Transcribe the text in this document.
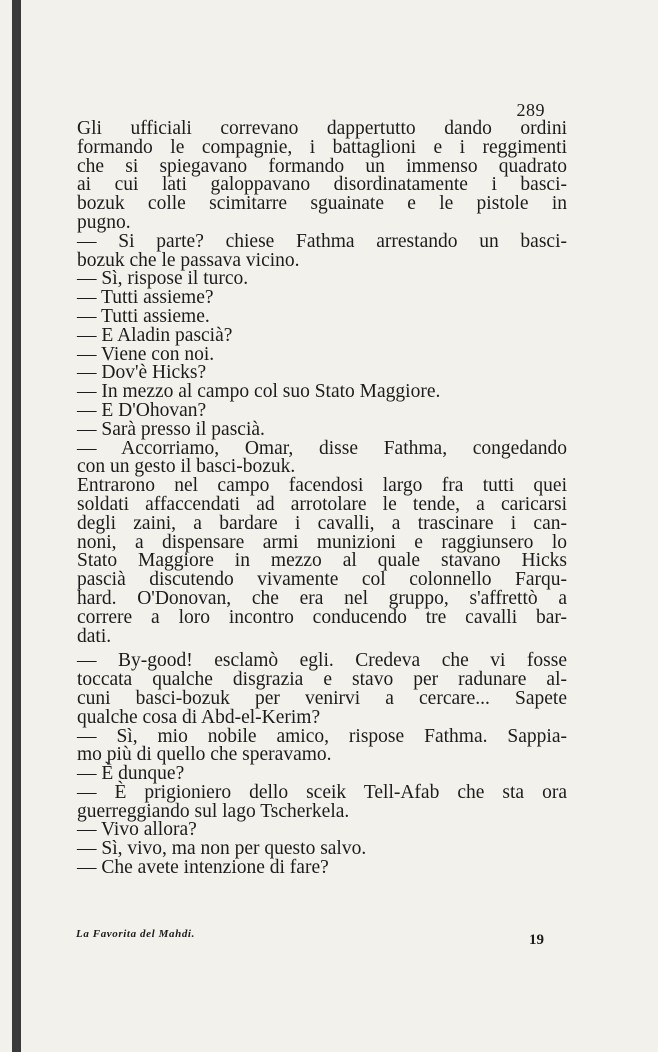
289
Gli ufficiali correvano dappertutto dando ordini
formando le compagnie, i battaglioni e i reggimenti
che si spiegavano formando un immenso quadrato
ai cui lati galoppavano disordinatamente i basci-
bozuk colle scimitarre sguainate e le pistole in
pugno.
— Si parte? chiese Fathma arrestando un basci-
bozuk che le passava vicino.
— Sì, rispose il turco.
— Tutti assieme?
— Tutti assieme.
— E Aladin pascià?
— Viene con noi.
— Dov'è Hicks?
— In mezzo al campo col suo Stato Maggiore.
— E D'Ohovan?
— Sarà presso il pascià.
— Accorriamo, Omar, disse Fathma, congedando
con un gesto il basci-bozuk.
Entrarono nel campo facendosi largo fra tutti quei
soldati affaccendati ad arrotolare le tende, a caricarsi
degli zaini, a bardare i cavalli, a trascinare i can-
noni, a dispensare armi munizioni e raggiunsero lo
Stato Maggiore in mezzo al quale stavano Hicks
pascià discutendo vivamente col colonnello Farqu-
hard. O'Donovan, che era nel gruppo, s'affrettò a
correre a loro incontro conducendo tre cavalli bar-
dati.
— By-good! esclamò egli. Credeva che vi fosse
toccata qualche disgrazia e stavo per radunare al-
cuni basci-bozuk per venirvi a cercare... Sapete
qualche cosa di Abd-el-Kerim?
— Sì, mio nobile amico, rispose Fathma. Sappia-
mo più di quello che speravamo.
— È dunque?
— È prigioniero dello sceik Tell-Afab che sta ora
guerreggiando sul lago Tscherkela.
— Vivo allora?
— Sì, vivo, ma non per questo salvo.
— Che avete intenzione di fare?
La Favorita del Mahdi.	19
